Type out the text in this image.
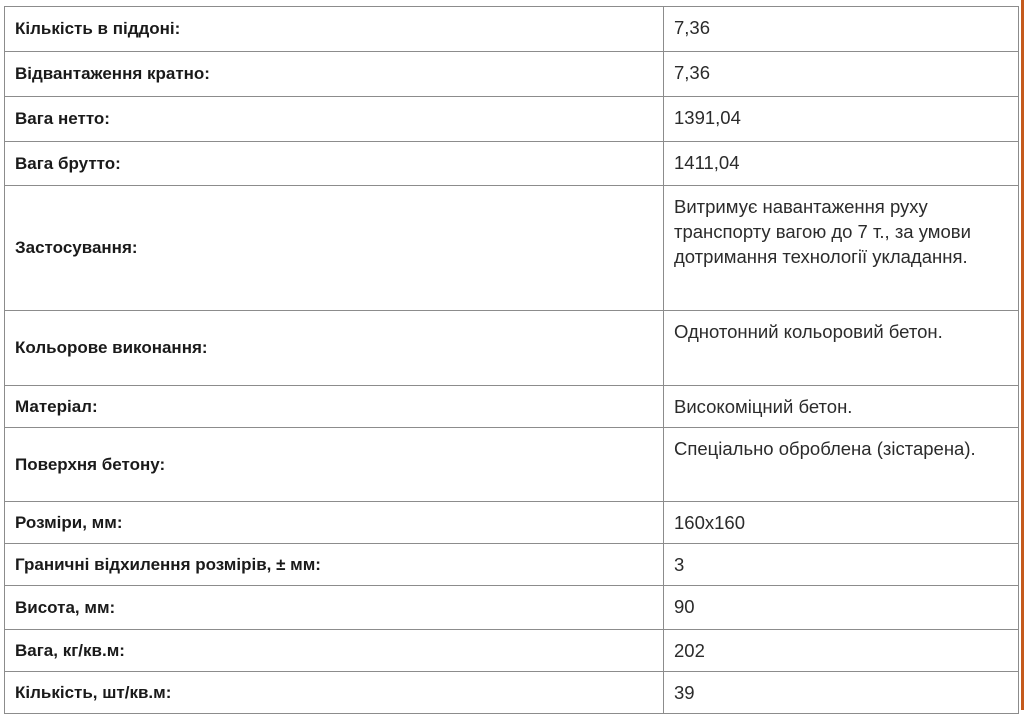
Кількість в піддоні:	7,36
Відвантаження кратно:	7,36
Вага нетто:	1391,04
Вага брутто:	1411,04
Застосування:	Витримує навантаження руху транспорту вагою до 7 т., за умови дотримання технології укладання.
Кольорове виконання:	Однотонний кольоровий бетон.
Матеріал:	Високоміцний бетон.
Поверхня бетону:	Спеціально оброблена (зістарена).
Розміри, мм:	160x160
Граничні відхилення розмірів, ± мм:	3
Висота, мм:	90
Вага, кг/кв.м:	202
Кількість, шт/кв.м:	39
